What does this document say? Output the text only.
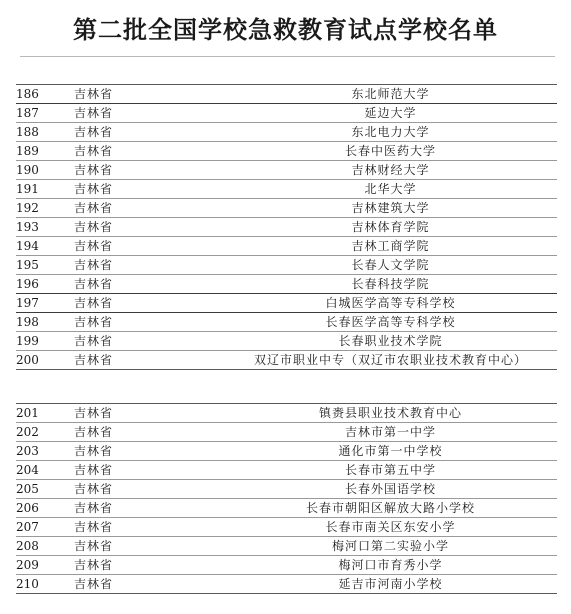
第二批全国学校急救教育试点学校名单
186	吉林省	东北师范大学
187	吉林省	延边大学
188	吉林省	东北电力大学
189	吉林省	长春中医药大学
190	吉林省	吉林财经大学
191	吉林省	北华大学
192	吉林省	吉林建筑大学
193	吉林省	吉林体育学院
194	吉林省	吉林工商学院
195	吉林省	长春人文学院
196	吉林省	长春科技学院
197	吉林省	白城医学高等专科学校
198	吉林省	长春医学高等专科学校
199	吉林省	长春职业技术学院
200	吉林省	双辽市职业中专（双辽市农职业技术教育中心）
201	吉林省	镇赉县职业技术教育中心
202	吉林省	吉林市第一中学
203	吉林省	通化市第一中学校
204	吉林省	长春市第五中学
205	吉林省	长春外国语学校
206	吉林省	长春市朝阳区解放大路小学校
207	吉林省	长春市南关区东安小学
208	吉林省	梅河口第二实验小学
209	吉林省	梅河口市育秀小学
210	吉林省	延吉市河南小学校
